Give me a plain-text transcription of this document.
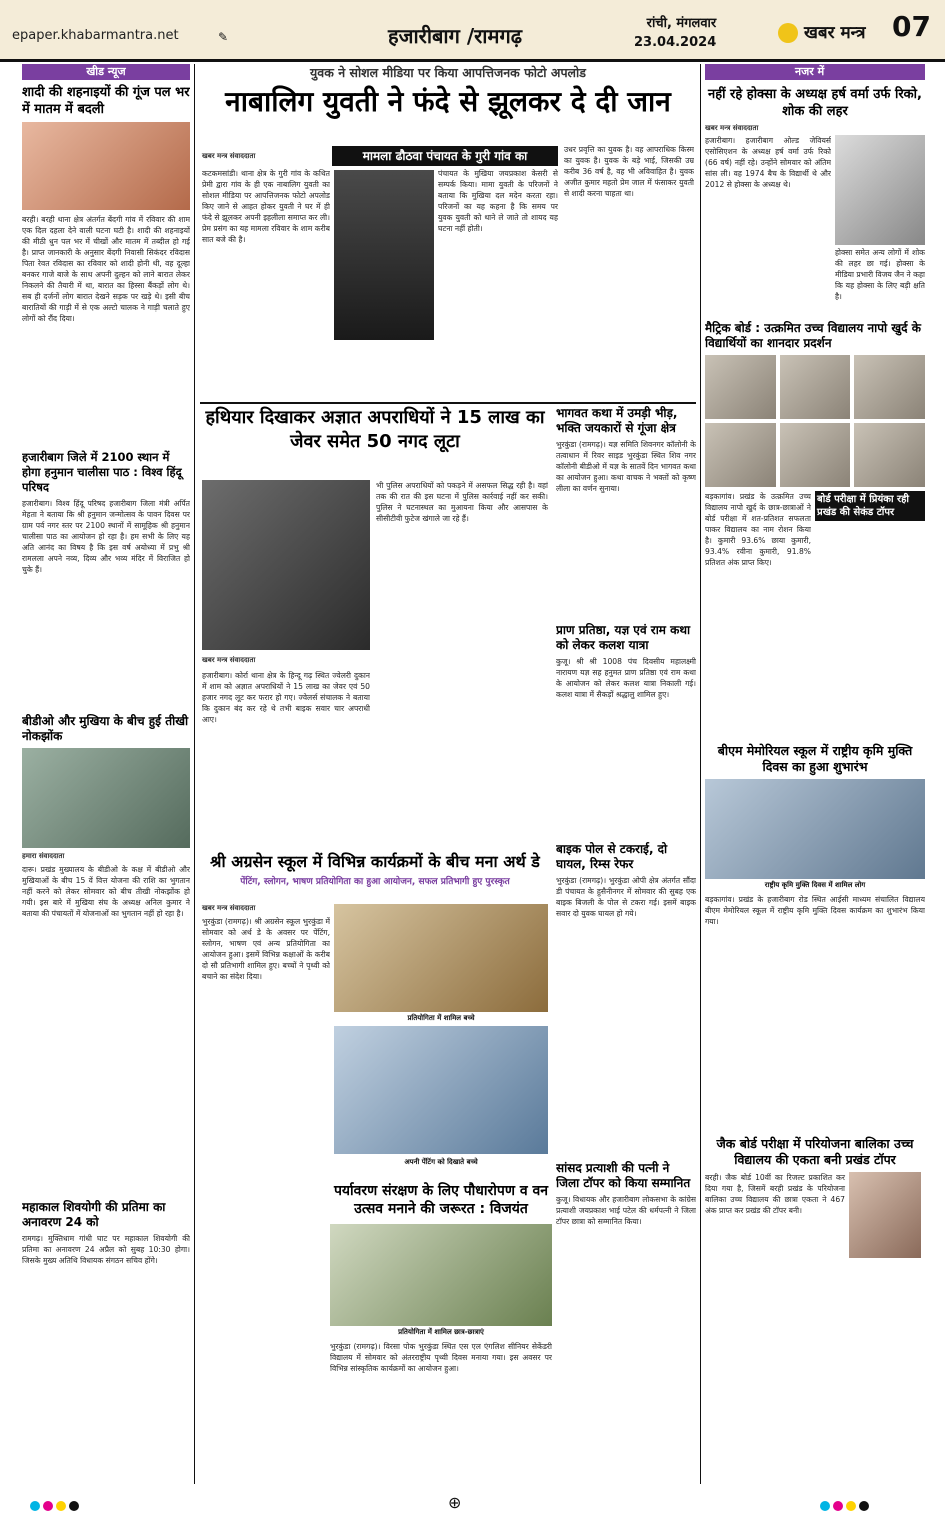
epaper.khabarmantra.net	✎	हजारीबाग /रामगढ़
रांची, मंगलवार
23.04.2024	खबर मन्त्र 07
खीड न्यूज
शादी की शहनाइयों की गूंज पल भर में मातम में बदली
बरही। बरही थाना क्षेत्र अंतर्गत बेंदगी गांव में रविवार की शाम एक दिल दहला देने वाली घटना घटी है। शादी की शहनाइयों की मीठी धुन पल भर में चीखों और मातम में तब्दील हो गई है। प्राप्त जानकारी के अनुसार बेंदगी निवासी सिकंदर रविदास पिता रेवत रविदास का रविवार को शादी होनी थी, वह दूल्हा बनकर गाजे बाजे के साथ अपनी दुल्हन को लाने बारात लेकर निकलने की तैयारी में था, बारात का हिस्सा बैंकड़ों लोग थे। सब ही दर्जनों लोग बारात देखने सड़क पर खड़े थे। इसी बीच बारातियों की गाड़ी में से एक अल्टो चालक ने गाड़ी चलाते हुए लोगों को रौंद दिया।
हजारीबाग जिले में 2100 स्थान में होगा हनुमान चालीसा पाठ : विश्व हिंदू परिषद
हजारीबाग। विश्व हिंदू परिषद हजारीबाग जिला मंत्री अर्पित मेहता ने बताया कि श्री हनुमान जन्मोत्सव के पावन दिवस पर ग्राम पर्व नगर स्तर पर 2100 स्थानों में सामूहिक श्री हनुमान चालीसा पाठ का आयोजन हो रहा है। हम सभी के लिए यह अति आनंद का विषय है कि इस वर्ष अयोध्या में प्रभु श्री रामलला अपने नव्य, दिव्य और भव्य मंदिर में विराजित हो चुके हैं।
बीडीओ और मुखिया के बीच हुई तीखी नोकझोंक
हमारा संवाददाता
दारू। प्रखंड मुख्यालय के बीडीओ के कक्ष में बीडीओ और मुखियाओं के बीच 15 वें वित्त योजना की राशि का भुगतान नहीं करने को लेकर सोमवार को बीच तीखी नोकझोंक हो गयी। इस बारे में मुखिया संघ के अध्यक्ष अनिल कुमार ने बताया की पंचायतों में योजनाओं का भुगतान नहीं हो रहा है।
महाकाल शिवयोगी की प्रतिमा का अनावरण 24 को
रामगढ़। मुक्तिधाम गांधी घाट पर महाकाल शिवयोगी की प्रतिमा का अनावरण 24 अप्रैल को सुबह 10:30 होगा। जिसके मुख्य अतिथि विधायक संगठन सचिव होंगे।
युवक ने सोशल मीडिया पर किया आपत्तिजनक फोटो अपलोड
नाबालिग युवती ने फंदे से झूलकर दे दी जान
खबर मन्त्र संवाददाता	मामला ढौठवा पंचायत के गुरी गांव का
कटकमसांडी। थाना क्षेत्र के गुरी गांव के कथित प्रेमी द्वारा गांव के ही एक नाबालिग युवती का सोशल मीडिया पर आपत्तिजनक फोटो अपलोड किए जाने से आहत होकर युवती ने घर में ही फंदे से झूलकर अपनी इहलीला समाप्त कर ली। प्रेम प्रसंग का यह मामला रविवार के शाम करीब सात बजे की है।
पंचायत के मुखिया जयप्रकाश केसरी से सम्पर्क किया। मामा युवती के परिजनों ने बताया कि मुखिया दल मदेन करता रहा। परिजनों का यह कहना है कि समय पर युवक युवती को थाने ले जाते तो शायद यह घटना नहीं होती।
उधर प्रवृत्ति का युवक है। वह आपराधिक किस्म का युवक है। युवक के बड़े भाई, जिसकी उम्र करीब 36 वर्ष है, वह भी अविवाहित है। युवक अजीत कुमार महतो प्रेम जाल में फंसाकर युवती से शादी करना चाहता था।
हथियार दिखाकर अज्ञात अपराधियों ने 15 लाख का जेवर समेत 50 नगद लूटा
खबर मन्त्र संवाददाता
हजारीबाग। कोर्रा थाना क्षेत्र के हिन्दू गढ़ स्थित ज्वेलरी दुकान में शाम को अज्ञात अपराधियों ने 15 लाख का जेवर एवं 50 हजार नगद लूट कर फरार हो गए। ज्वेलर्स संचालक ने बताया कि दुकान बंद कर रहे थे तभी बाइक सवार चार अपराधी आए।
भी पुलिस अपराधियों को पकड़ने में असफल सिद्ध रही है। वहां तक की रात की इस घटना में पुलिस कार्रवाई नहीं कर सकी। पुलिस ने घटनास्थल का मुआयना किया और आसपास के सीसीटीवी फुटेज खंगाले जा रहे हैं।
भागवत कथा में उमड़ी भीड़, भक्ति जयकारों से गूंजा क्षेत्र
भुरकुंडा (रामगढ़)। यज्ञ समिति शिवनगर कॉलोनी के तत्वाधान में रिवर साइड भुरकुंडा स्थित शिव नगर कॉलोनी बीडीओ में यज्ञ के सातवें दिन भागवत कथा का आयोजन हुआ। कथा वाचक ने भक्तों को कृष्ण लीला का वर्णन सुनाया।
प्राण प्रतिष्ठा, यज्ञ एवं राम कथा को लेकर कलश यात्रा
कुजू। श्री श्री 1008 पंच दिवसीय महालक्ष्मी नारायण यज्ञ सह हनुमत प्राण प्रतिष्ठा एवं राम कथा के आयोजन को लेकर कलश यात्रा निकाली गई। कलश यात्रा में सैकड़ों श्रद्धालु शामिल हुए।
बाइक पोल से टकराई, दो घायल, रिम्स रेफर
भुरकुंडा (रामगढ़)। भुरकुंडा ओपी क्षेत्र अंतर्गत सौंदा डी पंचायत के हुसैनीनगर में सोमवार की सुबह एक बाइक बिजली के पोल से टकरा गई। इसमें बाइक सवार दो युवक घायल हो गये।
सांसद प्रत्याशी की पत्नी ने जिला टॉपर को किया सम्मानित
कुजू। विधायक और हजारीबाग लोकसभा के कांग्रेस प्रत्याशी जयप्रकाश भाई पटेल की धर्मपत्नी ने जिला टॉपर छात्रा को सम्मानित किया।
श्री अग्रसेन स्कूल में विभिन्न कार्यक्रमों के बीच मना अर्थ डे
पेंटिंग, स्लोगन, भाषण प्रतियोगिता का हुआ आयोजन, सफल प्रतिभागी हुए पुरस्कृत
खबर मन्त्र संवाददाता
भुरकुंडा (रामगढ़)। श्री अग्रसेन स्कूल भुरकुंडा में सोमवार को अर्थ डे के अवसर पर पेंटिंग, स्लोगन, भाषण एवं अन्य प्रतियोगिता का आयोजन हुआ। इसमें विभिन्न कक्षाओं के करीब दो सौ प्रतिभागी शामिल हुए। बच्चों ने पृथ्वी को बचाने का संदेश दिया।
प्रतियोगिता में शामिल बच्चे
अपनी पेंटिंग को दिखाते बच्चे
पर्यावरण संरक्षण के लिए पौधारोपण व वन उत्सव मनाने की जरूरत : विजयंत
प्रतियोगिता में शामिल छात्र-छात्राएं
भुरकुंडा (रामगढ़)। विरसा पोक भुरकुंडा स्थित एस एल एंगलिश सीनियर सेकेंडरी विद्यालय में सोमवार को अंतरराष्ट्रीय पृथ्वी दिवस मनाया गया। इस अवसर पर विभिन्न सांस्कृतिक कार्यक्रमों का आयोजन हुआ।
नजर में
नहीं रहे होक्सा के अध्यक्ष हर्ष वर्मा उर्फ रिको, शोक की लहर
खबर मन्त्र संवाददाता
हजारीबाग। हजारीबाग ओल्ड जेवियर्स एसोसिएशन के अध्यक्ष हर्ष वर्मा उर्फ रिको (66 वर्ष) नहीं रहे। उन्होंने सोमवार को अंतिम सांस ली। वह 1974 बैच के विद्यार्थी थे और 2012 से होक्सा के अध्यक्ष थे।
होक्सा समेत अन्य लोगों में शोक की लहर छा गई। होक्सा के मीडिया प्रभारी विजय जैन ने कहा कि यह होक्सा के लिए बड़ी क्षति है।
मैट्रिक बोर्ड : उत्क्रमित उच्च विद्यालय नापो खुर्द के विद्यार्थियों का शानदार प्रदर्शन
बड़कागांव। प्रखंड के उत्क्रमित उच्च विद्यालय नापो खुर्द के छात्र-छात्राओं ने बोर्ड परीक्षा में शत-प्रतिशत सफलता पाकर विद्यालय का नाम रोशन किया है। कुमारी 93.6% छाया कुमारी, 93.4% रवीना कुमारी, 91.8% प्रतिशत अंक प्राप्त किए।
बोर्ड परीक्षा में प्रियंका रही प्रखंड की सेकंड टॉपर
बीएम मेमोरियल स्कूल में राष्ट्रीय कृमि मुक्ति दिवस का हुआ शुभारंभ
राष्ट्रीय कृमि मुक्ति दिवस में शामिल लोग
बड़कागांव। प्रखंड के हजारीबाग रोड स्थित आईसी माध्यम संचालित विद्यालय बीएम मेमोरियल स्कूल में राष्ट्रीय कृमि मुक्ति दिवस कार्यक्रम का शुभारंभ किया गया।
जैक बोर्ड परीक्षा में परियोजना बालिका उच्च विद्यालय की एकता बनी प्रखंड टॉपर
बरही। जैक बोर्ड 10वीं का रिजल्ट प्रकाशित कर दिया गया है, जिसमें बरही प्रखंड के परियोजना बालिका उच्च विद्यालय की छात्रा एकता ने 467 अंक प्राप्त कर प्रखंड की टॉपर बनी।
⊕
